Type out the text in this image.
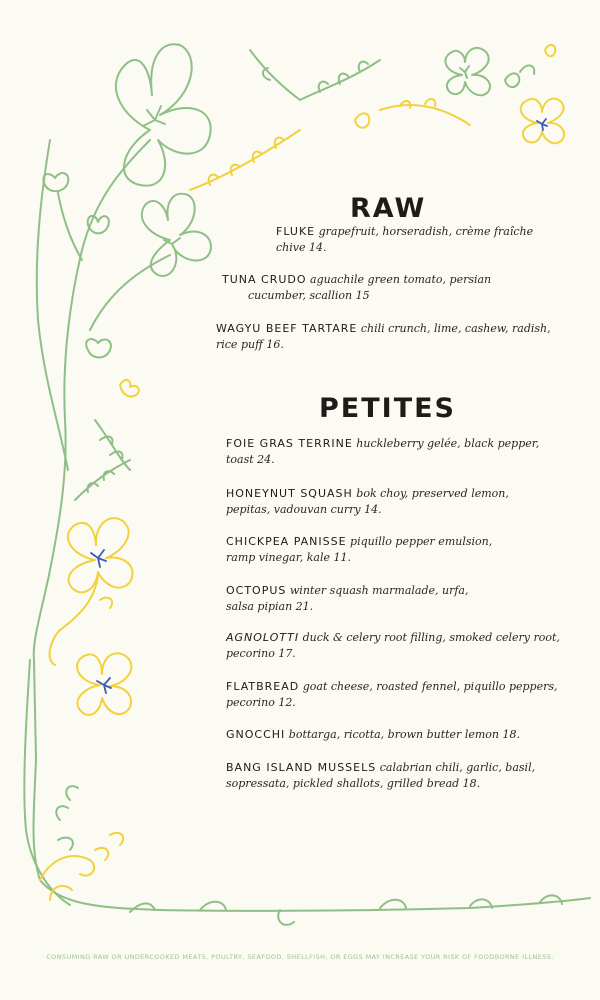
RAW

FLUKE grapefruit, horseradish, crème fraîche
chive 14.

TUNA CRUDO aguachile green tomato, persian
cucumber, scallion 15

WAGYU BEEF TARTARE chili crunch, lime, cashew, radish,
rice puff 16.

PETITES

FOIE GRAS TERRINE huckleberry gelée, black pepper,
toast 24.

HONEYNUT SQUASH bok choy, preserved lemon,
pepitas, vadouvan curry 14.

CHICKPEA PANISSE piquillo pepper emulsion,
ramp vinegar, kale 11.

OCTOPUS winter squash marmalade, urfa,
salsa pipian 21.

AGNOLOTTI duck & celery root filling, smoked celery root,
pecorino 17.

FLATBREAD goat cheese, roasted fennel, piquillo peppers,
pecorino 12.

GNOCCHI bottarga, ricotta, brown butter lemon 18.

BANG ISLAND MUSSELS calabrian chili, garlic, basil,
sopressata, pickled shallots, grilled bread 18.

CONSUMING RAW OR UNDERCOOKED MEATS, POULTRY, SEAFOOD, SHELLFISH, OR EGGS MAY INCREASE YOUR RISK OF FOODBORNE ILLNESS.
